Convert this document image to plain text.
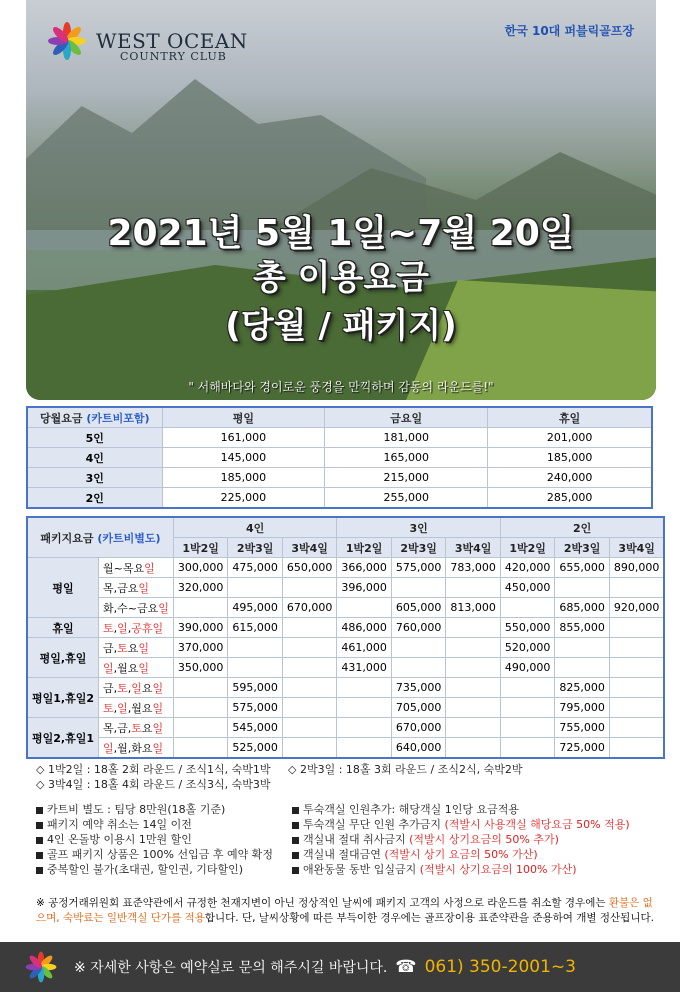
WEST OCEAN
COUNTRY CLUB
한국 10대 퍼블릭골프장
2021년 5월 1일~7월 20일
총 이용요금
(당월 / 패키지)
" 서해바다와 경이로운 풍경을 만끽하며 감동의 라운드를!"
당월요금 (카트비포함)	평일	금요일	휴일
5인	161,000	181,000	201,000
4인	145,000	165,000	185,000
3인	185,000	215,000	240,000
2인	225,000	255,000	285,000
패키지요금 (카트비별도)		4인			3인			2인		
		1박2일	2박3일	3박4일	1박2일	2박3일	3박4일	1박2일	2박3일	3박4일
평일	월~목요일	300,000	475,000	650,000	366,000	575,000	783,000	420,000	655,000	890,000
	목,금요일	320,000			396,000			450,000		
	화,수~금요일		495,000	670,000		605,000	813,000		685,000	920,000
휴일	토,일,공휴일	390,000	615,000		486,000	760,000		550,000	855,000	
평일,휴일	금,토요일	370,000			461,000			520,000		
	일,월요일	350,000			431,000			490,000		
평일1,휴일2	금,토,일요일		595,000			735,000			825,000	
	토,일,월요일		575,000			705,000			795,000	
평일2,휴일1	목,금,토요일		545,000			670,000			755,000	
	일,월,화요일		525,000			640,000			725,000	
◇ 1박2일 : 18홀 2회 라운드 / 조식1식, 숙박1박
◇ 3박4일 : 18홀 4회 라운드 / 조식3식, 숙박3박
◇ 2박3일 : 18홀 3회 라운드 / 조식2식, 숙박2박
카트비 별도 : 팀당 8만원(18홀 기준)
패키지 예약 취소는 14일 이전
4인 온돌방 이용시 1만원 할인
골프 패키지 상품은 100% 선입금 후 예약 확정
중복할인 불가(초대권, 할인권, 기타할인)
투숙객실 인원추가: 해당객실 1인당 요금적용
투숙객실 무단 인원 추가금지 (적발시 사용객실 해당요금 50% 적용)
객실내 절대 취사금지 (적발시 상기요금의 50% 추가)
객실내 절대금연 (적발시 상기 요금의 50% 가산)
애완동물 동반 입실금지 (적발시 상기요금의 100% 가산)
※ 공정거래위원회 표준약관에서 규정한 천재지변이 아닌 정상적인 날씨에 패키지 고객의 사정으로 라운드를 취소할 경우에는 환불은 없으며, 숙박료는 일반객실 단가를 적용합니다. 단, 날씨상황에 따른 부득이한 경우에는 골프장이용 표준약관을 준용하여 개별 정산됩니다.
※ 자세한 사항은 예약실로 문의 해주시길 바랍니다. ☎ 061) 350-2001~3
